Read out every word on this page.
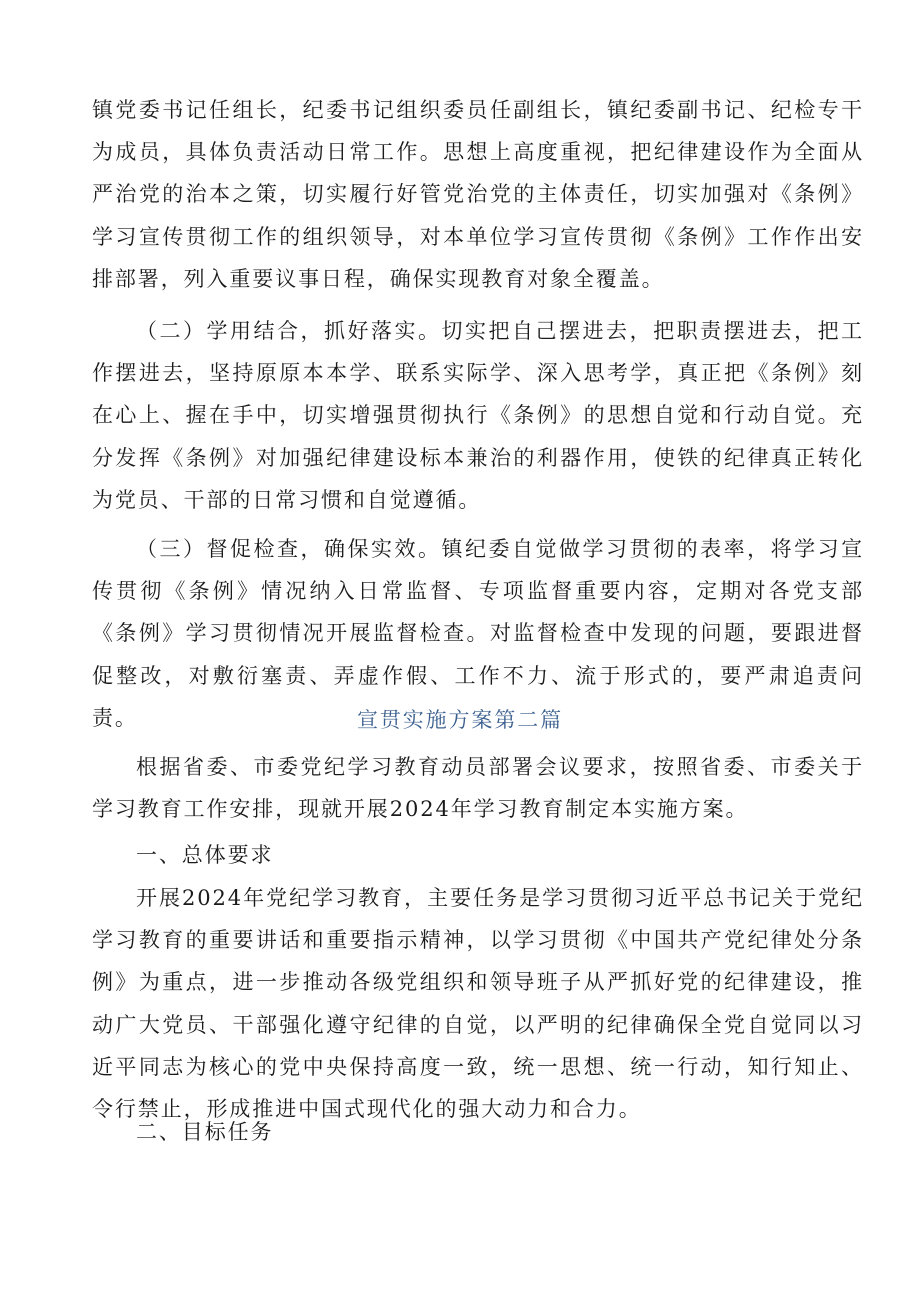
镇党委书记任组长，纪委书记组织委员任副组长，镇纪委副书记、纪检专干为成员，具体负责活动日常工作。思想上高度重视，把纪律建设作为全面从严治党的治本之策，切实履行好管党治党的主体责任，切实加强对《条例》学习宣传贯彻工作的组织领导，对本单位学习宣传贯彻《条例》工作作出安排部署，列入重要议事日程，确保实现教育对象全覆盖。

（二）学用结合，抓好落实。切实把自己摆进去，把职责摆进去，把工作摆进去，坚持原原本本学、联系实际学、深入思考学，真正把《条例》刻在心上、握在手中，切实增强贯彻执行《条例》的思想自觉和行动自觉。充分发挥《条例》对加强纪律建设标本兼治的利器作用，使铁的纪律真正转化为党员、干部的日常习惯和自觉遵循。

（三）督促检查，确保实效。镇纪委自觉做学习贯彻的表率，将学习宣传贯彻《条例》情况纳入日常监督、专项监督重要内容，定期对各党支部《条例》学习贯彻情况开展监督检查。对监督检查中发现的问题，要跟进督促整改，对敷衍塞责、弄虚作假、工作不力、流于形式的，要严肃追责问责。	宣贯实施方案第二篇

根据省委、市委党纪学习教育动员部署会议要求，按照省委、市委关于学习教育工作安排，现就开展2024年学习教育制定本实施方案。

一、总体要求

开展2024年党纪学习教育，主要任务是学习贯彻习近平总书记关于党纪学习教育的重要讲话和重要指示精神，以学习贯彻《中国共产党纪律处分条例》为重点，进一步推动各级党组织和领导班子从严抓好党的纪律建设，推动广大党员、干部强化遵守纪律的自觉，以严明的纪律确保全党自觉同以习近平同志为核心的党中央保持高度一致，统一思想、统一行动，知行知止、令行禁止，形成推进中国式现代化的强大动力和合力。

二、目标任务
